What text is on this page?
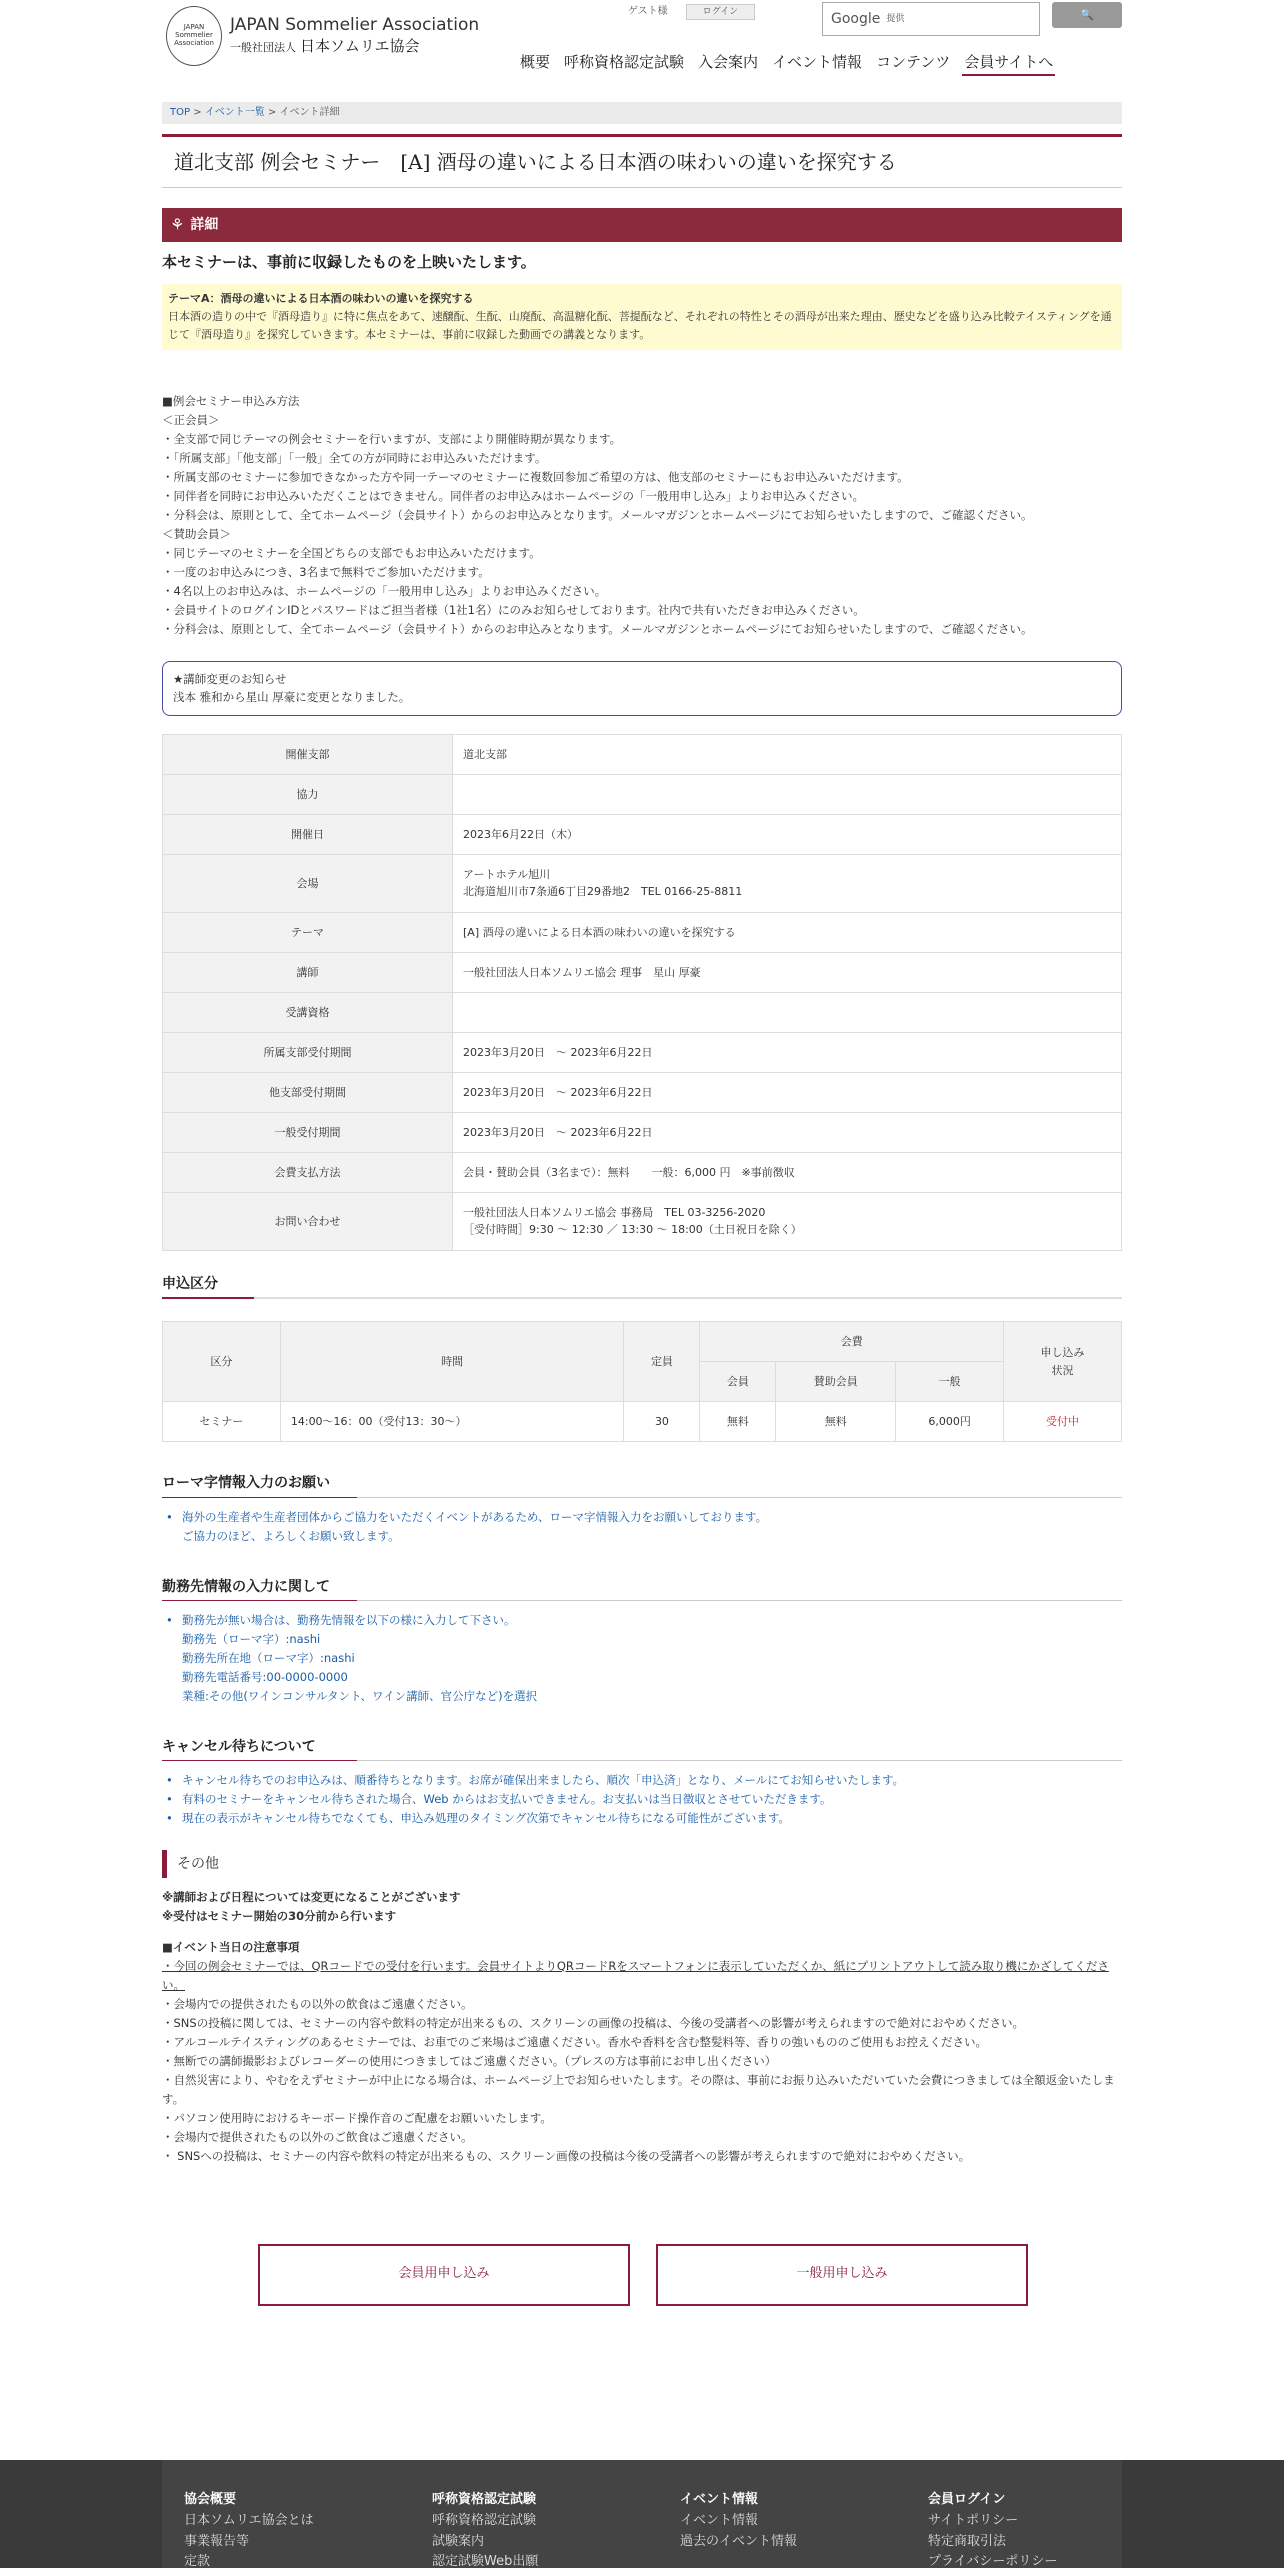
JAPAN
Sommelier
Association
JAPAN Sommelier Association
一般社団法人 日本ソムリエ協会
ゲスト様	ログイン	Google 提供	🔍
概要 呼称資格認定試験 入会案内 イベント情報 コンテンツ 会員サイトへ
TOP > イベント一覧 > イベント詳細
道北支部 例会セミナー　[A] 酒母の違いによる日本酒の味わいの違いを探究する
⚘ 詳細
本セミナーは、事前に収録したものを上映いたします。
テーマA：酒母の違いによる日本酒の味わいの違いを探究する
日本酒の造りの中で『酒母造り』に特に焦点をあて、速醸酛、生酛、山廃酛、高温糖化酛、菩提酛など、それぞれの特性とその酒母が出来た理由、歴史などを盛り込み比較テイスティングを通じて『酒母造り』を探究していきます。本セミナーは、事前に収録した動画での講義となります。
■例会セミナー申込み方法
＜正会員＞
・全支部で同じテーマの例会セミナーを行いますが、支部により開催時期が異なります。
・「所属支部」「他支部」「一般」全ての方が同時にお申込みいただけます。
・所属支部のセミナーに参加できなかった方や同一テーマのセミナーに複数回参加ご希望の方は、他支部のセミナーにもお申込みいただけます。
・同伴者を同時にお申込みいただくことはできません。同伴者のお申込みはホームページの「一般用申し込み」よりお申込みください。
・分科会は、原則として、全てホームページ（会員サイト）からのお申込みとなります。メールマガジンとホームページにてお知らせいたしますので、ご確認ください。
＜賛助会員＞
・同じテーマのセミナーを全国どちらの支部でもお申込みいただけます。
・一度のお申込みにつき、3名まで無料でご参加いただけます。
・4名以上のお申込みは、ホームページの「一般用申し込み」よりお申込みください。
・会員サイトのログインIDとパスワードはご担当者様（1社1名）にのみお知らせしております。社内で共有いただきお申込みください。
・分科会は、原則として、全てホームページ（会員サイト）からのお申込みとなります。メールマガジンとホームページにてお知らせいたしますので、ご確認ください。
★講師変更のお知らせ
浅本 雅和から星山 厚豪に変更となりました。
開催支部	道北支部

協力	

開催日	2023年6月22日（木）

会場	アートホテル旭川
北海道旭川市7条通6丁目29番地2　TEL 0166-25-8811

テーマ	[A] 酒母の違いによる日本酒の味わいの違いを探究する

講師	一般社団法人日本ソムリエ協会 理事　星山 厚豪

受講資格	

所属支部受付期間	2023年3月20日　～ 2023年6月22日

他支部受付期間	2023年3月20日　～ 2023年6月22日

一般受付期間	2023年3月20日　～ 2023年6月22日

会費支払方法	会員・賛助会員（3名まで）：無料　　一般：6,000 円　※事前徴収

お問い合わせ	一般社団法人日本ソムリエ協会 事務局　TEL 03-3256-2020
［受付時間］9:30 ～ 12:30 ／ 13:30 ～ 18:00（土日祝日を除く）
申込区分
区分	時間	定員	会費			申し込み
状況
			会員	賛助会員	一般	
セミナー	14:00～16：00（受付13：30～）	30	無料	無料	6,000円	受付中
ローマ字情報入力のお願い
• 海外の生産者や生産者団体からご協力をいただくイベントがあるため、ローマ字情報入力をお願いしております。
ご協力のほど、よろしくお願い致します。
勤務先情報の入力に関して
• 勤務先が無い場合は、勤務先情報を以下の様に入力して下さい。
勤務先（ローマ字）:nashi
勤務先所在地（ローマ字）:nashi
勤務先電話番号:00-0000-0000
業種:その他(ワインコンサルタント、ワイン講師、官公庁など)を選択
キャンセル待ちについて
• キャンセル待ちでのお申込みは、順番待ちとなります。お席が確保出来ましたら、順次「申込済」となり、メールにてお知らせいたします。
• 有料のセミナーをキャンセル待ちされた場合、Web からはお支払いできません。お支払いは当日徴収とさせていただきます。
• 現在の表示がキャンセル待ちでなくても、申込み処理のタイミング次第でキャンセル待ちになる可能性がございます。
その他
※講師および日程については変更になることがございます
※受付はセミナー開始の30分前から行います
■イベント当日の注意事項
・今回の例会セミナーでは、QRコードでの受付を行います。会員サイトよりQRコードRをスマートフォンに表示していただくか、紙にプリントアウトして読み取り機にかざしてください。
・会場内での提供されたもの以外の飲食はご遠慮ください。
・SNSの投稿に関しては、セミナーの内容や飲料の特定が出来るもの、スクリーンの画像の投稿は、今後の受講者への影響が考えられますので絶対におやめください。
・アルコールテイスティングのあるセミナーでは、お車でのご来場はご遠慮ください。香水や香料を含む整髪料等、香りの強いもののご使用もお控えください。
・無断での講師撮影およびレコーダーの使用につきましてはご遠慮ください。（プレスの方は事前にお申し出ください）
・自然災害により、やむをえずセミナーが中止になる場合は、ホームページ上でお知らせいたします。その際は、事前にお振り込みいただいていた会費につきましては全額返金いたします。
・パソコン使用時におけるキーボード操作音のご配慮をお願いいたします。
・会場内で提供されたもの以外のご飲食はご遠慮ください。
・ SNSへの投稿は、セミナーの内容や飲料の特定が出来るもの、スクリーン画像の投稿は今後の受講者への影響が考えられますので絶対におやめください。
会員用申し込み	一般用申し込み
協会概要
日本ソムリエ協会とは
事業報告等
定款
呼称資格認定試験
呼称資格認定試験
試験案内
認定試験Web出願
イベント情報
イベント情報
過去のイベント情報
会員ログイン
サイトポリシー
特定商取引法
プライバシーポリシー
